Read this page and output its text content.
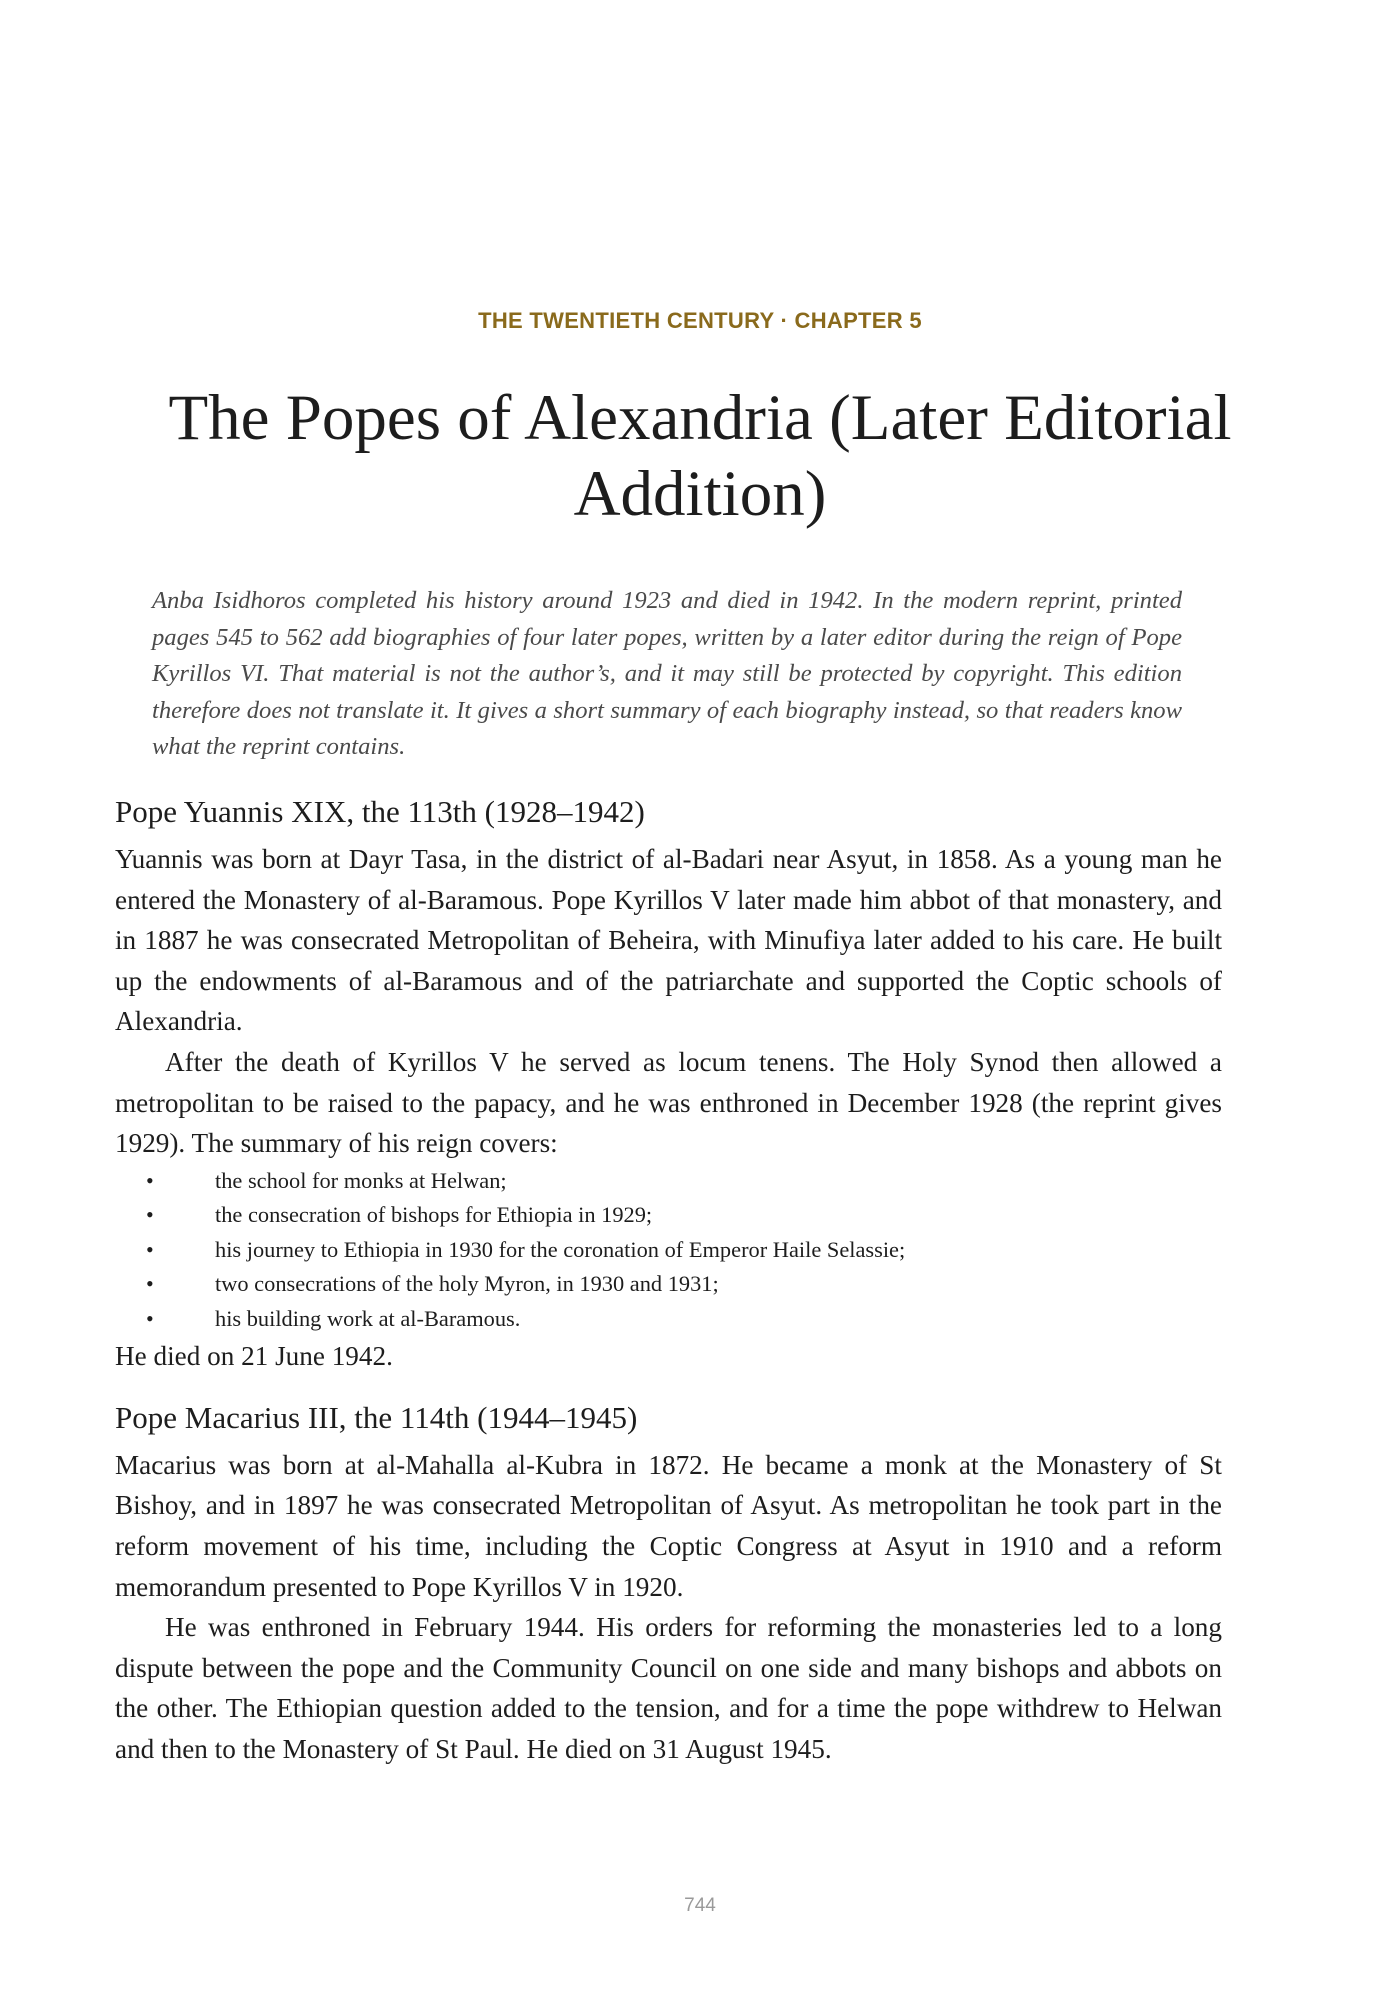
THE TWENTIETH CENTURY · CHAPTER 5
The Popes of Alexandria (Later Editorial Addition)

Anba Isidhoros completed his history around 1923 and died in 1942. In the modern reprint, printed pages 545 to 562 add biographies of four later popes, written by a later editor during the reign of Pope Kyrillos VI. That material is not the author’s, and it may still be protected by copyright. This edition therefore does not translate it. It gives a short summary of each biography instead, so that readers know what the reprint contains.

Pope Yuannis XIX, the 113th (1928–1942)

Yuannis was born at Dayr Tasa, in the district of al-Badari near Asyut, in 1858. As a young man he entered the Monastery of al-Baramous. Pope Kyrillos V later made him abbot of that monastery, and in 1887 he was consecrated Metropolitan of Beheira, with Minufiya later added to his care. He built up the endowments of al-Baramous and of the patriarchate and supported the Coptic schools of Alexandria.

After the death of Kyrillos V he served as locum tenens. The Holy Synod then allowed a metropolitan to be raised to the papacy, and he was enthroned in December 1928 (the reprint gives 1929). The summary of his reign covers:

•	the school for monks at Helwan;
•	the consecration of bishops for Ethiopia in 1929;
•	his journey to Ethiopia in 1930 for the coronation of Emperor Haile Selassie;
•	two consecrations of the holy Myron, in 1930 and 1931;
•	his building work at al-Baramous.

He died on 21 June 1942.

Pope Macarius III, the 114th (1944–1945)

Macarius was born at al-Mahalla al-Kubra in 1872. He became a monk at the Monastery of St Bishoy, and in 1897 he was consecrated Metropolitan of Asyut. As metropolitan he took part in the reform movement of his time, including the Coptic Congress at Asyut in 1910 and a reform memorandum presented to Pope Kyrillos V in 1920.

He was enthroned in February 1944. His orders for reforming the monasteries led to a long dispute between the pope and the Community Council on one side and many bishops and abbots on the other. The Ethiopian question added to the tension, and for a time the pope withdrew to Helwan and then to the Monastery of St Paul. He died on 31 August 1945.

744
